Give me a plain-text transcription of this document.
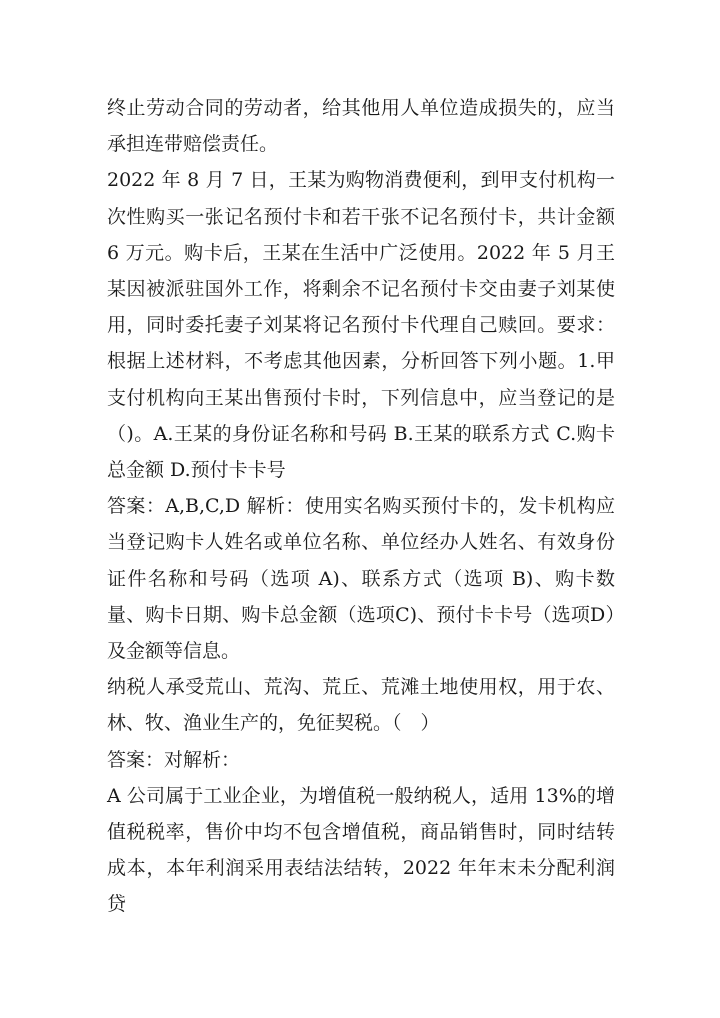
终止劳动合同的劳动者，给其他用人单位造成损失的，应当承担连带赔偿责任。

2022 年 8 月 7 日，王某为购物消费便利，到甲支付机构一次性购买一张记名预付卡和若干张不记名预付卡，共计金额 6 万元。购卡后，王某在生活中广泛使用。2022 年 5 月王某因被派驻国外工作，将剩余不记名预付卡交由妻子刘某使用，同时委托妻子刘某将记名预付卡代理自己赎回。要求：根据上述材料，不考虑其他因素，分析回答下列小题。1.甲支付机构向王某出售预付卡时，下列信息中，应当登记的是（)。A.王某的身份证名称和号码 B.王某的联系方式 C.购卡总金额 D.预付卡卡号

答案：A,B,C,D 解析：使用实名购买预付卡的，发卡机构应当登记购卡人姓名或单位名称、单位经办人姓名、有效身份证件名称和号码（选项 A)、联系方式（选项 B)、购卡数量、购卡日期、购卡总金额（选项C)、预付卡卡号（选项D）及金额等信息。

纳税人承受荒山、荒沟、荒丘、荒滩土地使用权，用于农、林、牧、渔业生产的，免征契税。（　）

答案：对解析：

A 公司属于工业企业，为增值税一般纳税人，适用 13%的增值税税率，售价中均不包含增值税，商品销售时，同时结转成本，本年利润采用表结法结转，2022 年年末未分配利润贷
